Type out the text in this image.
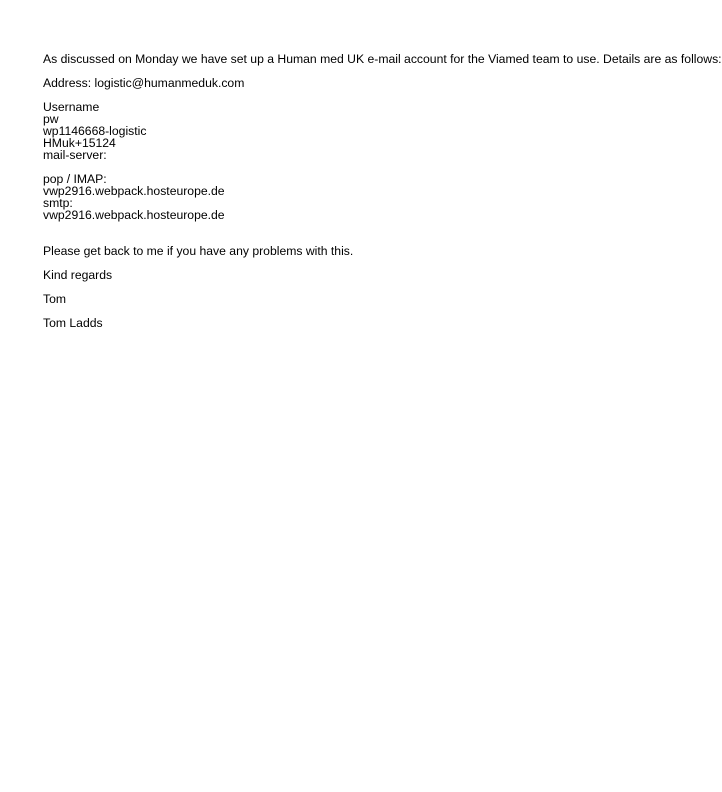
As discussed on Monday we have set up a Human med UK e-mail account for the Viamed team to use. Details are as follows:
Address: logistic@humanmeduk.com
Username
pw
wp1146668-logistic
HMuk+15124
mail-server:
pop / IMAP:
vwp2916.webpack.hosteurope.de
smtp:
vwp2916.webpack.hosteurope.de
Please get back to me if you have any problems with this.
Kind regards
Tom
Tom Ladds
